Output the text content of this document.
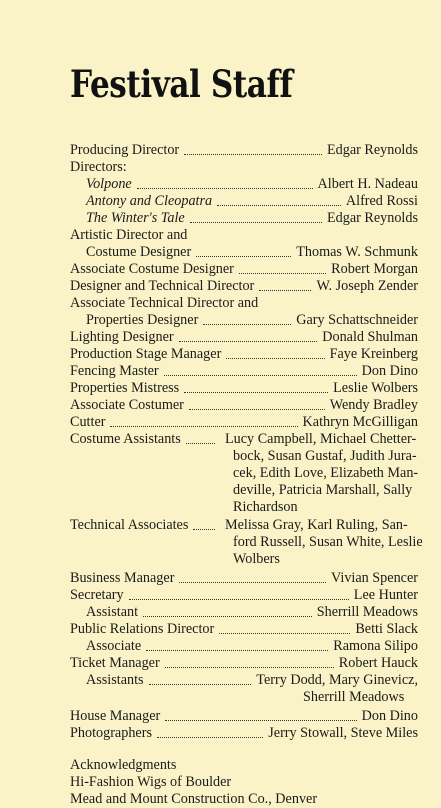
Festival Staff
Producing Director	Edgar Reynolds
Directors:
Volpone	Albert H. Nadeau
Antony and Cleopatra	Alfred Rossi
The Winter's Tale	Edgar Reynolds
Artistic Director and
Costume Designer	Thomas W. Schmunk
Associate Costume Designer	Robert Morgan
Designer and Technical Director	W. Joseph Zender
Associate Technical Director and
Properties Designer	Gary Schattschneider
Lighting Designer	Donald Shulman
Production Stage Manager	Faye Kreinberg
Fencing Master	Don Dino
Properties Mistress	Leslie Wolbers
Associate Costumer	Wendy Bradley
Cutter	Kathryn McGilligan
Costume Assistants	Lucy Campbell, Michael Chetter-
bock, Susan Gustaf, Judith Jura-
cek, Edith Love, Elizabeth Man-
deville, Patricia Marshall, Sally
Richardson
Technical Associates	Melissa Gray, Karl Ruling, San-
ford Russell, Susan White, Leslie
Wolbers
Business Manager	Vivian Spencer
Secretary	Lee Hunter
Assistant	Sherrill Meadows
Public Relations Director	Betti Slack
Associate	Ramona Silipo
Ticket Manager	Robert Hauck
Assistants	Terry Dodd, Mary Ginevicz,
Sherrill Meadows
House Manager	Don Dino
Photographers	Jerry Stowall, Steve Miles
Acknowledgments
Hi-Fashion Wigs of Boulder
Mead and Mount Construction Co., Denver
